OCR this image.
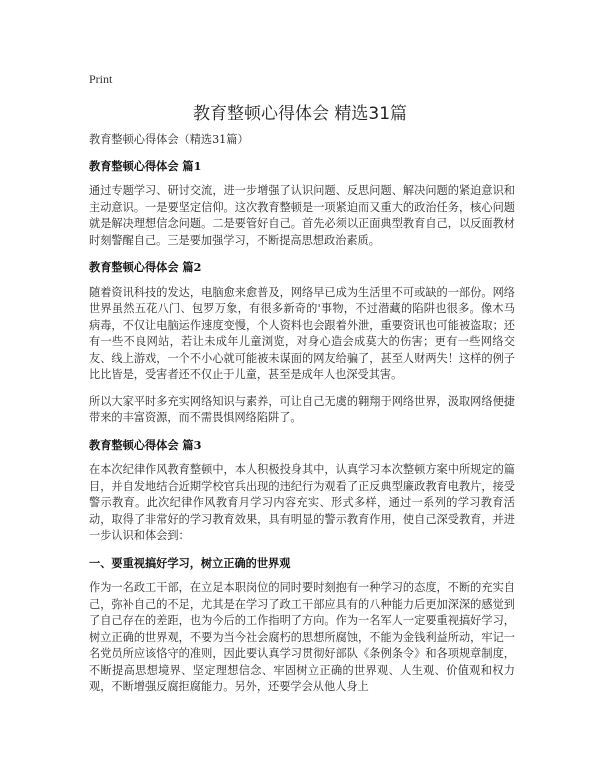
Print
教育整顿心得体会 精选31篇

教育整顿心得体会（精选31篇）

教育整顿心得体会 篇1

通过专题学习、研讨交流，进一步增强了认识问题、反思问题、解决问题的紧迫意识和主动意识。一是要坚定信仰。这次教育整顿是一项紧迫而又重大的政治任务，核心问题就是解决理想信念问题。二是要管好自己。首先必须以正面典型教育自己，以反面教材时刻警醒自己。三是要加强学习，不断提高思想政治素质。

教育整顿心得体会 篇2

随着资讯科技的发达，电脑愈来愈普及，网络早已成为生活里不可或缺的一部份。网络世界虽然五花八门、包罗万象，有很多新奇的'事物，不过潜藏的陷阱也很多。像木马病毒，不仅让电脑运作速度变慢，个人资料也会跟着外泄，重要资讯也可能被盗取；还有一些不良网站，若让未成年儿童浏览，对身心造会成莫大的伤害；更有一些网络交友、线上游戏，一个不小心就可能被未谋面的网友给骗了，甚至人财两失！这样的例子比比皆是，受害者还不仅止于儿童，甚至是成年人也深受其害。

所以大家平时多充实网络知识与素养，可让自己无虞的翱翔于网络世界，汲取网络便捷带来的丰富资源，而不需畏惧网络陷阱了。

教育整顿心得体会 篇3

在本次纪律作风教育整顿中，本人积极投身其中，认真学习本次整顿方案中所规定的篇目，并自发地结合近期学校官兵出现的违纪行为观看了正反典型廉政教育电教片，接受警示教育。此次纪律作风教育月学习内容充实、形式多样，通过一系列的学习教育活动，取得了非常好的学习教育效果，具有明显的警示教育作用，使自己深受教育，并进一步认识和体会到：

一、要重视搞好学习，树立正确的世界观

作为一名政工干部，在立足本职岗位的同时要时刻抱有一种学习的态度，不断的充实自己，弥补自己的不足，尤其是在学习了政工干部应具有的八种能力后更加深深的感觉到了自己存在的差距，也为今后的工作指明了方向。作为一名军人一定要重视搞好学习，树立正确的世界观，不要为当今社会腐朽的思想所腐蚀，不能为金钱利益所动，牢记一名党员所应该恪守的准则，因此要认真学习贯彻好部队《条例条令》和各项规章制度，不断提高思想境界、坚定理想信念、牢固树立正确的世界观、人生观、价值观和权力观，不断增强反腐拒腐能力。另外，还要学会从他人身上
